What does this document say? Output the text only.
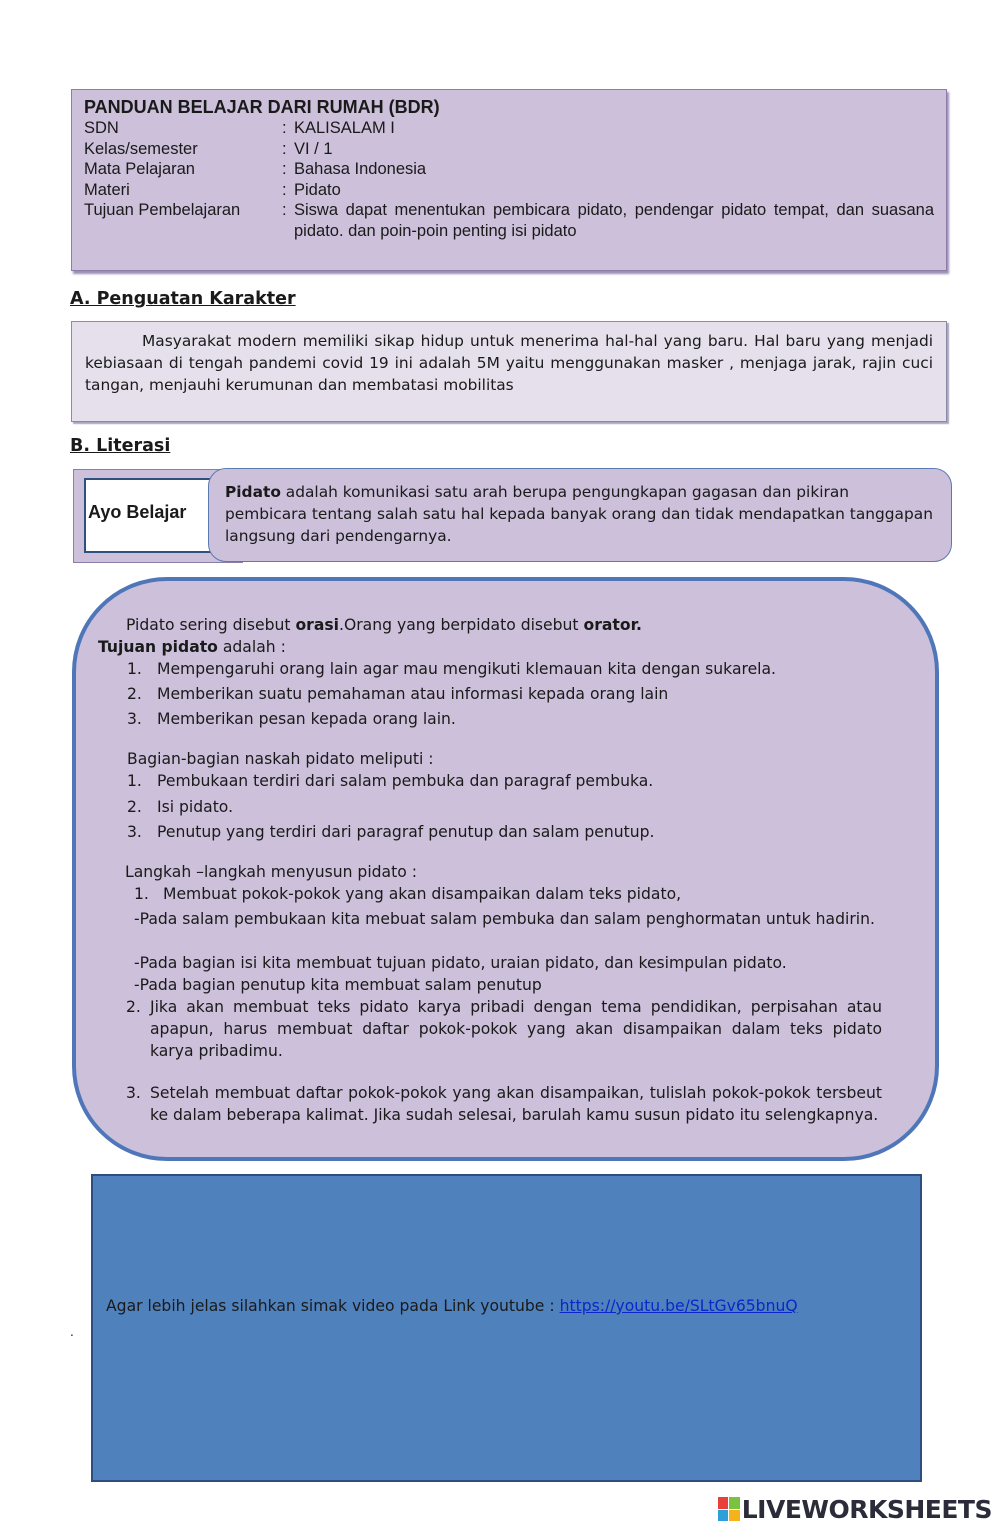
PANDUAN BELAJAR DARI RUMAH (BDR)
SDN	: KALISALAM I
Kelas/semester	: VI / 1
Mata Pelajaran	: Bahasa Indonesia
Materi	: Pidato
Tujuan Pembelajaran	: Siswa dapat menentukan pembicara pidato, pendengar pidato tempat, dan suasana pidato. dan poin-poin penting isi pidato
A. Penguatan Karakter
Masyarakat modern memiliki sikap hidup untuk menerima hal-hal yang baru. Hal baru yang menjadi kebiasaan di tengah pandemi covid 19 ini adalah 5M yaitu menggunakan masker , menjaga jarak, rajin cuci tangan, menjauhi kerumunan dan membatasi mobilitas
B. Literasi
Ayo Belajar
Pidato adalah komunikasi satu arah berupa pengungkapan gagasan dan pikiran pembicara tentang salah satu hal kepada banyak orang dan tidak mendapatkan tanggapan langsung dari pendengarnya.
Pidato sering disebut orasi.Orang yang berpidato disebut orator.
Tujuan pidato adalah :
1. Mempengaruhi orang lain agar mau mengikuti klemauan kita dengan sukarela.
2. Memberikan suatu pemahaman atau informasi kepada orang lain
3. Memberikan pesan kepada orang lain.
Bagian-bagian naskah pidato meliputi :
1. Pembukaan terdiri dari salam pembuka dan paragraf pembuka.
2. Isi pidato.
3. Penutup yang terdiri dari paragraf penutup dan salam penutup.
Langkah –langkah menyusun pidato :
1. Membuat pokok-pokok yang akan disampaikan dalam teks pidato,
-Pada salam pembukaan kita mebuat salam pembuka dan salam penghormatan untuk hadirin.
-Pada bagian isi kita membuat tujuan pidato, uraian pidato, dan kesimpulan pidato.
-Pada bagian penutup kita membuat salam penutup
2. Jika akan membuat teks pidato karya pribadi dengan tema pendidikan, perpisahan atau apapun, harus membuat daftar pokok-pokok yang akan disampaikan dalam teks pidato karya pribadimu.
3. Setelah membuat daftar pokok-pokok yang akan disampaikan, tulislah pokok-pokok tersbeut ke dalam beberapa kalimat. Jika sudah selesai, barulah kamu susun pidato itu selengkapnya.
Agar lebih jelas silahkan simak video pada Link youtube : https://youtu.be/SLtGv65bnuQ
.
LIVEWORKSHEETS
